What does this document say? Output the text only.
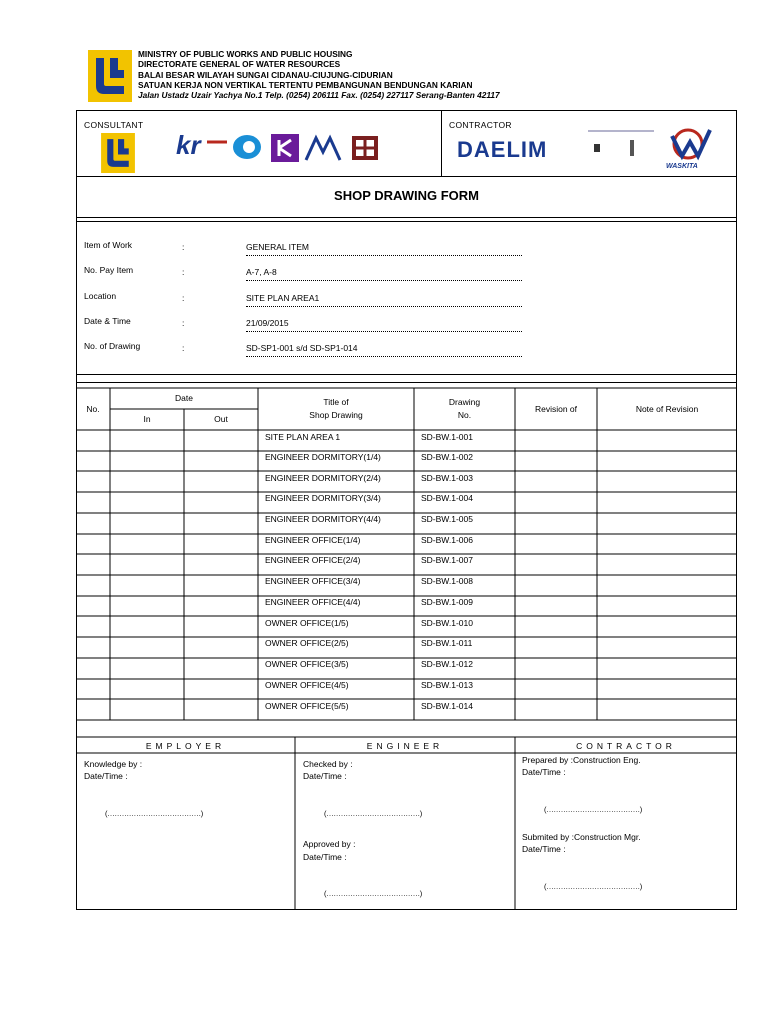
MINISTRY OF PUBLIC WORKS AND PUBLIC HOUSING
DIRECTORATE GENERAL OF WATER RESOURCES
BALAI BESAR WILAYAH SUNGAI CIDANAU-CIUJUNG-CIDURIAN
SATUAN KERJA NON VERTIKAL TERTENTU PEMBANGUNAN BENDUNGAN KARIAN
Jalan Ustadz Uzair Yachya No.1 Telp. (0254) 206111 Fax. (0254) 227117 Serang-Banten 42117
CONSULTANT	CONTRACTOR
kr	DAELIM
WASKITA
SHOP DRAWING FORM
Item of Work	:	GENERAL ITEM
No. Pay Item	:	A-7, A-8
Location	:	SITE PLAN AREA1
Date & Time	:	21/09/2015
No. of Drawing	:	SD-SP1-001 s/d SD-SP1-014
No.
Date
In	Out
Title of
Shop Drawing
Drawing
No.
Revision of	Note of Revision
SITE PLAN AREA 1	SD-BW.1-001
ENGINEER DORMITORY(1/4)	SD-BW.1-002
ENGINEER DORMITORY(2/4)	SD-BW.1-003
ENGINEER DORMITORY(3/4)	SD-BW.1-004
ENGINEER DORMITORY(4/4)	SD-BW.1-005
ENGINEER OFFICE(1/4)	SD-BW.1-006
ENGINEER OFFICE(2/4)	SD-BW.1-007
ENGINEER OFFICE(3/4)	SD-BW.1-008
ENGINEER OFFICE(4/4)	SD-BW.1-009
OWNER OFFICE(1/5)	SD-BW.1-010
OWNER OFFICE(2/5)	SD-BW.1-011
OWNER OFFICE(3/5)	SD-BW.1-012
OWNER OFFICE(4/5)	SD-BW.1-013
OWNER OFFICE(5/5)	SD-BW.1-014
EMPLOYER	ENGINEER	CONTRACTOR
Knowledge by :
Date/Time :
(…………………………………)
Checked by :
Date/Time :
(…………………………………)
Approved by :
Date/Time :
(…………………………………)
Prepared by :Construction Eng.
Date/Time :
(…………………………………)
Submited by :Construction Mgr.
Date/Time :
(…………………………………)
